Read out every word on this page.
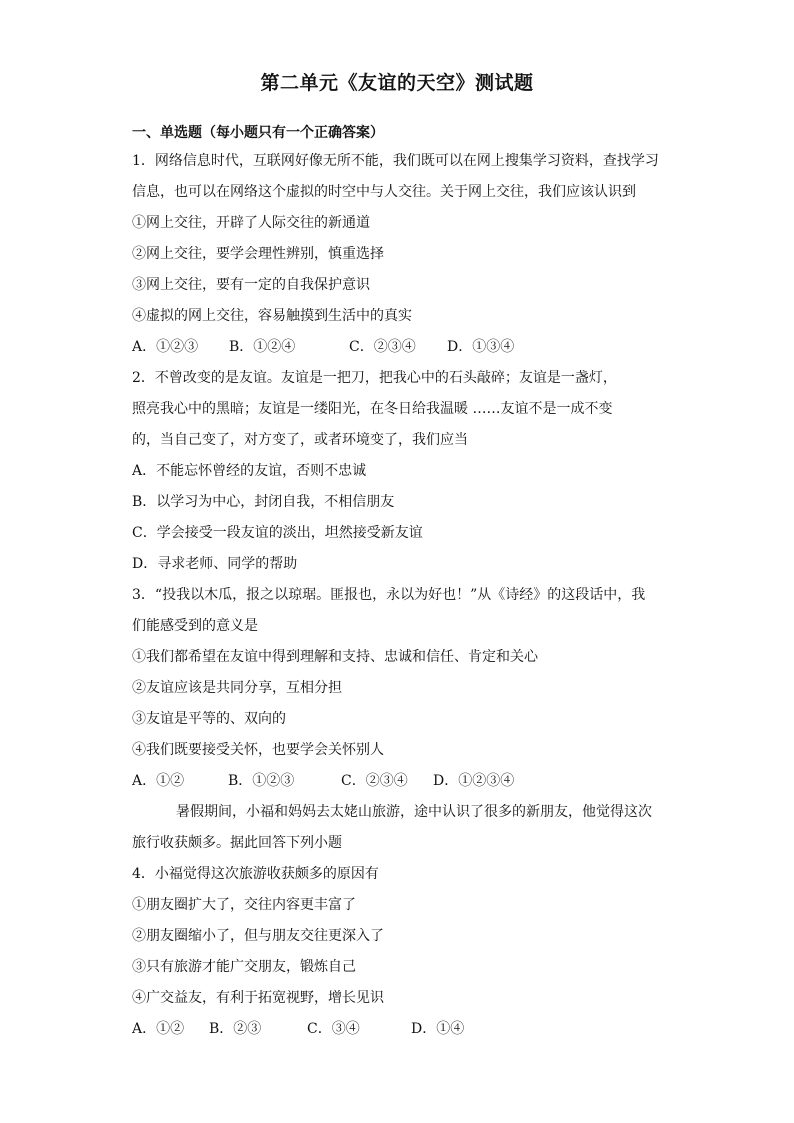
第二单元《友谊的天空》测试题
一、单选题（每小题只有一个正确答案）
1．网络信息时代，互联网好像无所不能，我们既可以在网上搜集学习资料，查找学习
信息，也可以在网络这个虚拟的时空中与人交往。关于网上交往，我们应该认识到
①网上交往，开辟了人际交往的新通道
②网上交往，要学会理性辨别，慎重选择
③网上交往，要有一定的自我保护意识
④虚拟的网上交往，容易触摸到生活中的真实
A．①②③ B．①②④	C．②③④ D．①③④
2．不曾改变的是友谊。友谊是一把刀，把我心中的石头敲碎；友谊是一盏灯，
照亮我心中的黑暗；友谊是一缕阳光，在冬日给我温暖 ……友谊不是一成不变
的，当自己变了，对方变了，或者环境变了，我们应当
A．不能忘怀曾经的友谊，否则不忠诚
B．以学习为中心，封闭自我，不相信朋友
C．学会接受一段友谊的淡出，坦然接受新友谊
D．寻求老师、同学的帮助
3．“投我以木瓜，报之以琼琚。匪报也，永以为好也！”从《诗经》的这段话中，我
们能感受到的意义是
①我们都希望在友谊中得到理解和支持、忠诚和信任、肯定和关心
②友谊应该是共同分享，互相分担
③友谊是平等的、双向的
④我们既要接受关怀，也要学会关怀别人
A．①②	B．①②③	C．②③④ D．①②③④
暑假期间，小福和妈妈去太姥山旅游，途中认识了很多的新朋友，他觉得这次
旅行收获颇多。据此回答下列小题
4．小福觉得这次旅游收获颇多的原因有
①朋友圈扩大了，交往内容更丰富了
②朋友圈缩小了，但与朋友交往更深入了
③只有旅游才能广交朋友，锻炼自己
④广交益友，有利于拓宽视野，增长见识
A．①② B．②③	C．③④	D．①④
